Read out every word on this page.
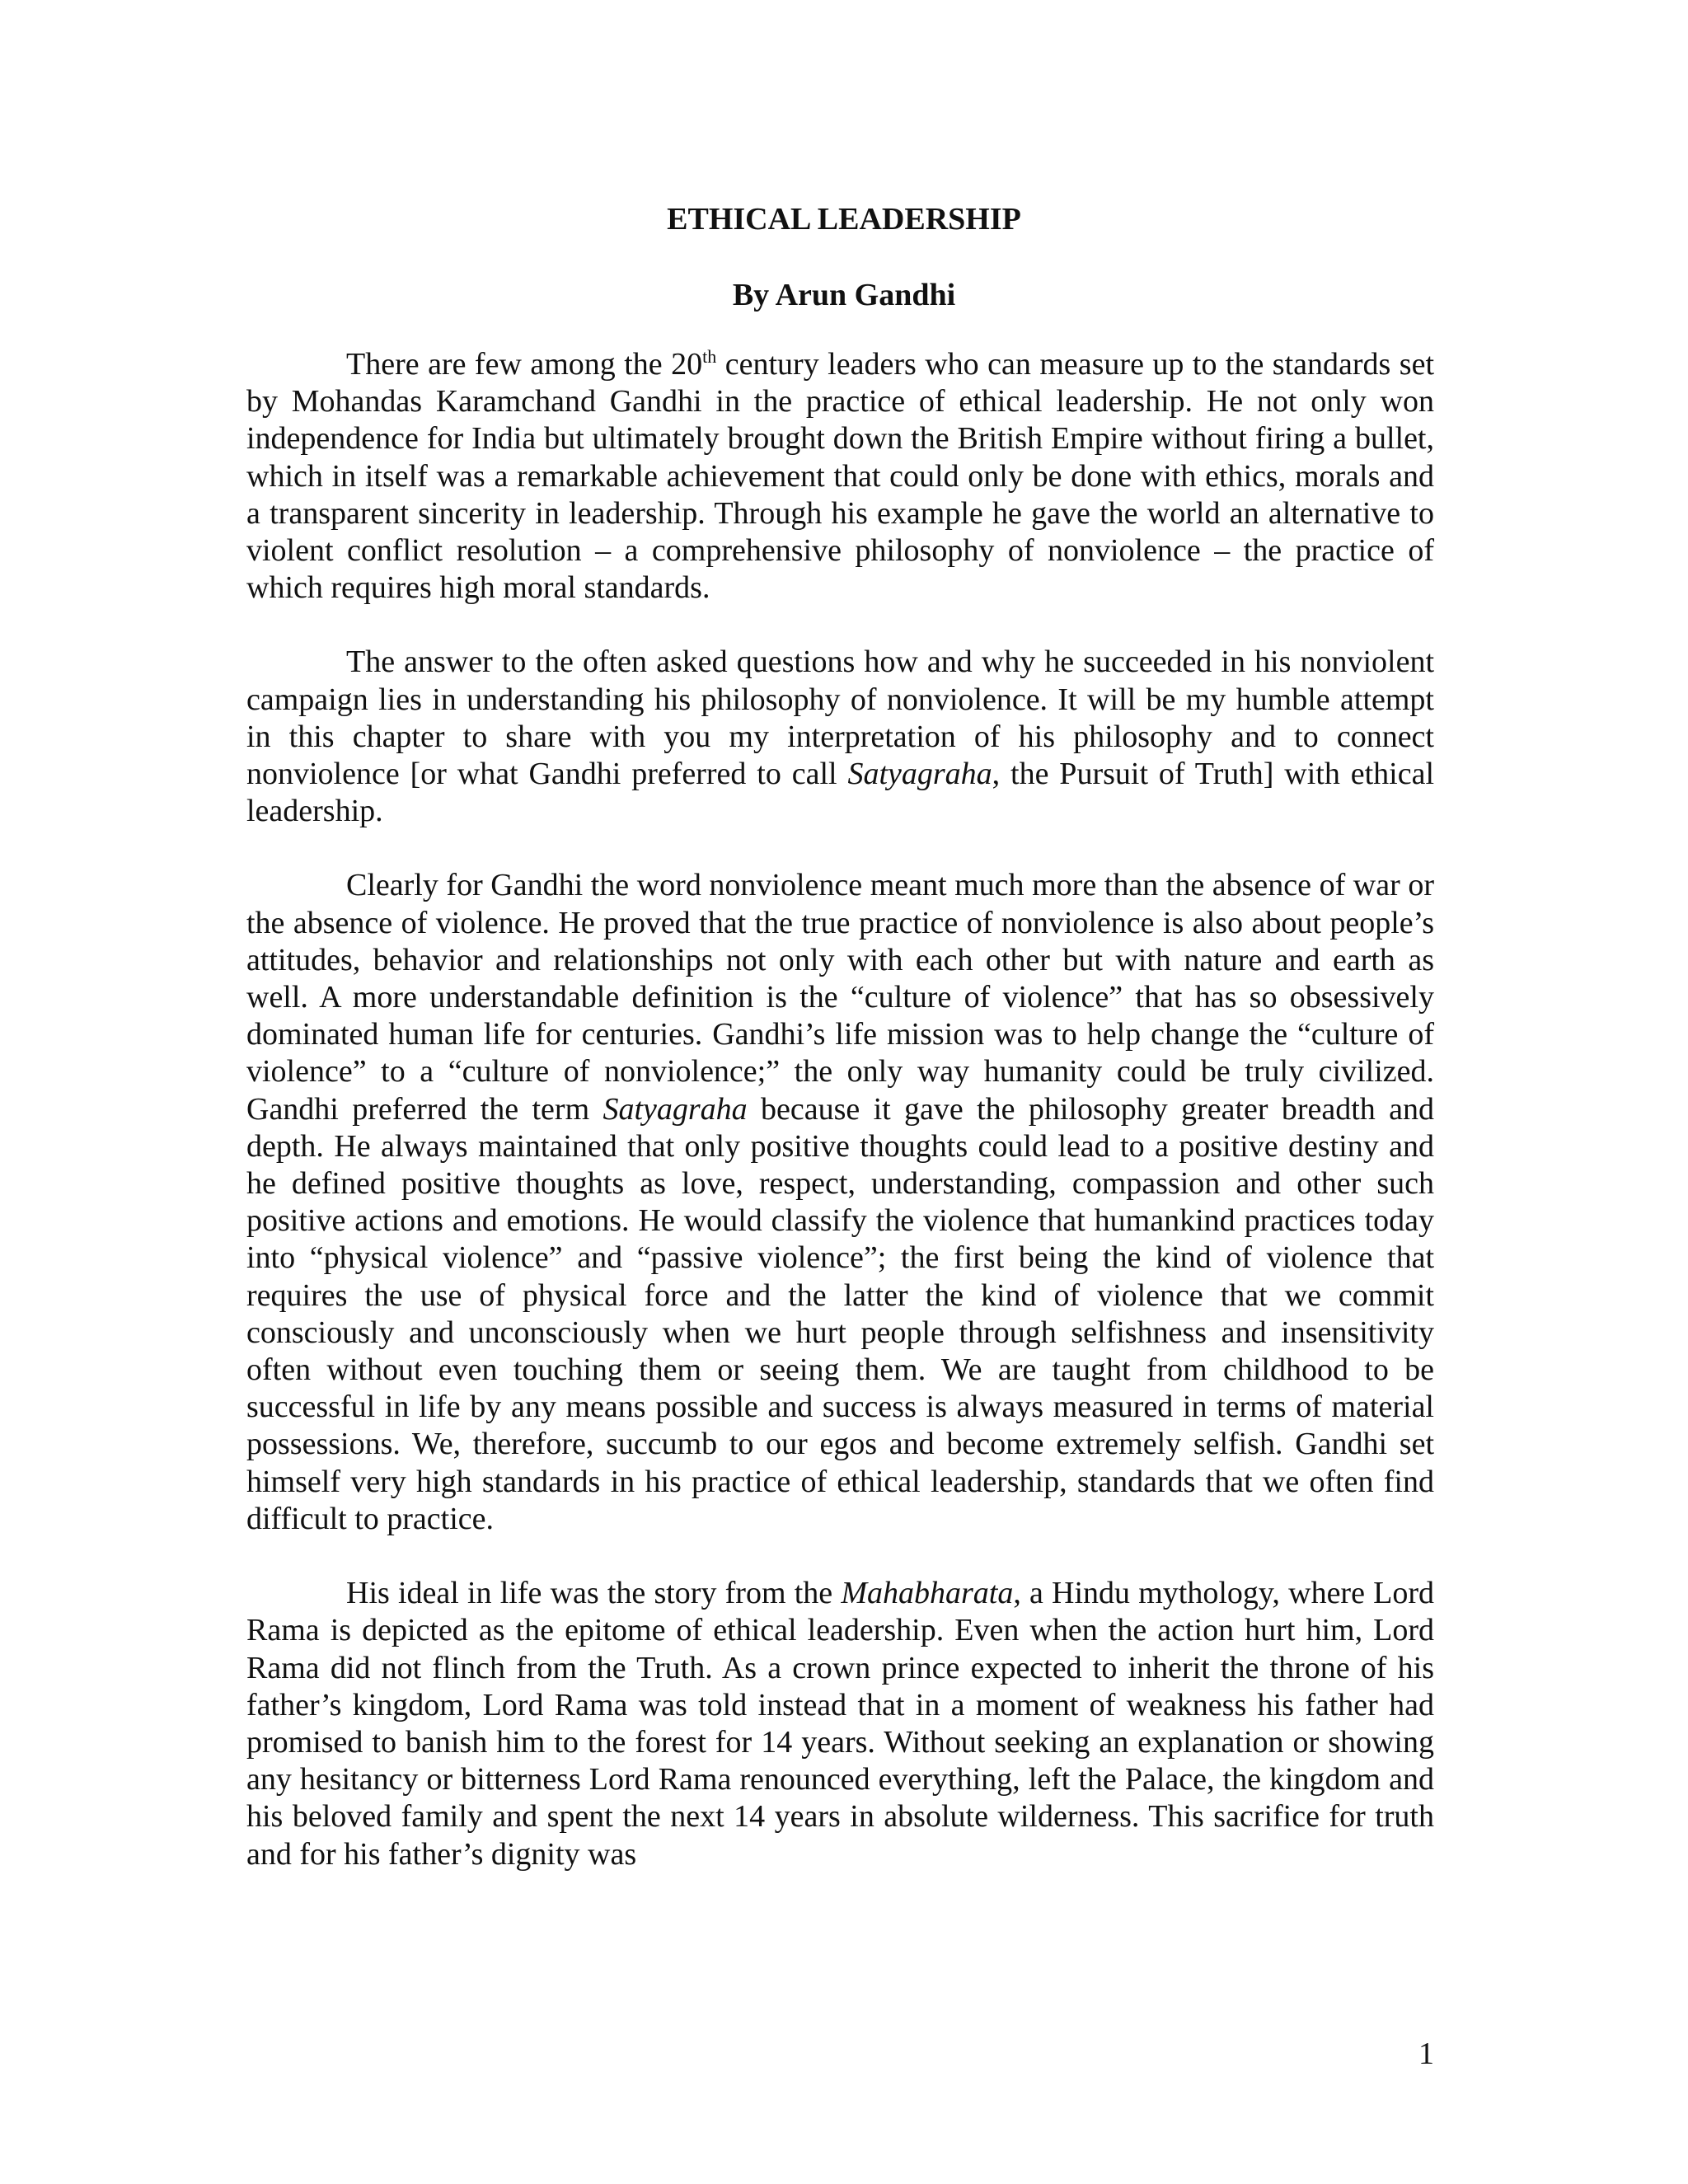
ETHICAL LEADERSHIP
By Arun Gandhi

There are few among the 20th century leaders who can measure up to the standards set by Mohandas Karamchand Gandhi in the practice of ethical leadership. He not only won independence for India but ultimately brought down the British Empire without firing a bullet, which in itself was a remarkable achievement that could only be done with ethics, morals and a transparent sincerity in leadership. Through his example he gave the world an alternative to violent conflict resolution – a comprehensive philosophy of nonviolence – the practice of which requires high moral standards.

The answer to the often asked questions how and why he succeeded in his nonviolent campaign lies in understanding his philosophy of nonviolence. It will be my humble attempt in this chapter to share with you my interpretation of his philosophy and to connect nonviolence [or what Gandhi preferred to call Satyagraha, the Pursuit of Truth] with ethical leadership.

Clearly for Gandhi the word nonviolence meant much more than the absence of war or the absence of violence. He proved that the true practice of nonviolence is also about people’s attitudes, behavior and relationships not only with each other but with nature and earth as well. A more understandable definition is the “culture of violence” that has so obsessively dominated human life for centuries. Gandhi’s life mission was to help change the “culture of violence” to a “culture of nonviolence;” the only way humanity could be truly civilized. Gandhi preferred the term Satyagraha because it gave the philosophy greater breadth and depth. He always maintained that only positive thoughts could lead to a positive destiny and he defined positive thoughts as love, respect, understanding, compassion and other such positive actions and emotions. He would classify the violence that humankind practices today into “physical violence” and “passive violence”; the first being the kind of violence that requires the use of physical force and the latter the kind of violence that we commit consciously and unconsciously when we hurt people through selfishness and insensitivity often without even touching them or seeing them. We are taught from childhood to be successful in life by any means possible and success is always measured in terms of material possessions. We, therefore, succumb to our egos and become extremely selfish. Gandhi set himself very high standards in his practice of ethical leadership, standards that we often find difficult to practice.

His ideal in life was the story from the Mahabharata, a Hindu mythology, where Lord Rama is depicted as the epitome of ethical leadership. Even when the action hurt him, Lord Rama did not flinch from the Truth. As a crown prince expected to inherit the throne of his father’s kingdom, Lord Rama was told instead that in a moment of weakness his father had promised to banish him to the forest for 14 years. Without seeking an explanation or showing any hesitancy or bitterness Lord Rama renounced everything, left the Palace, the kingdom and his beloved family and spent the next 14 years in absolute wilderness. This sacrifice for truth and for his father’s dignity was

1
